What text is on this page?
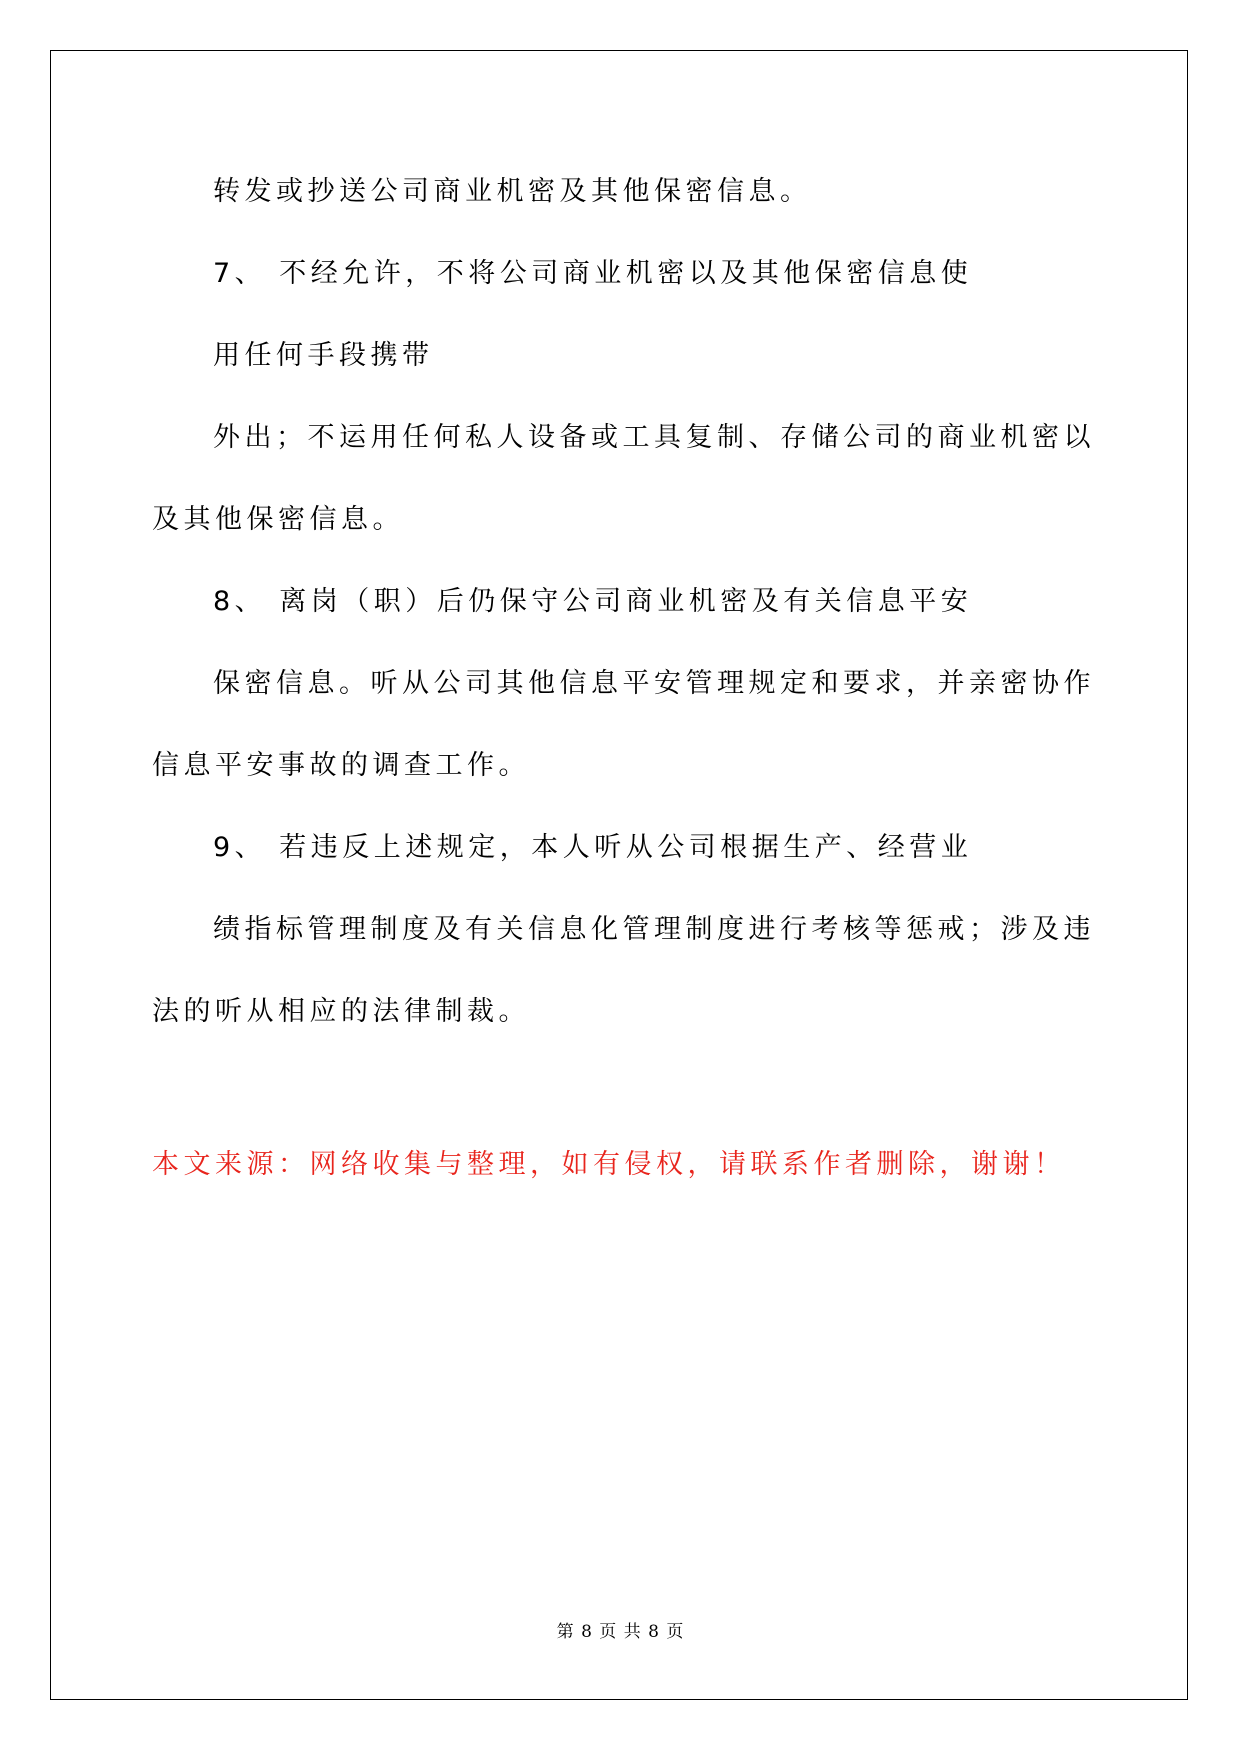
转发或抄送公司商业机密及其他保密信息。
7、 不经允许，不将公司商业机密以及其他保密信息使
用任何手段携带
外出；不运用任何私人设备或工具复制、存储公司的商业机密以
及其他保密信息。
8、 离岗（职）后仍保守公司商业机密及有关信息平安
保密信息。听从公司其他信息平安管理规定和要求，并亲密协作
信息平安事故的调查工作。
9、 若违反上述规定，本人听从公司根据生产、经营业
绩指标管理制度及有关信息化管理制度进行考核等惩戒；涉及违
法的听从相应的法律制裁。
本文来源：网络收集与整理，如有侵权，请联系作者删除，谢谢！
第 8 页 共 8 页
